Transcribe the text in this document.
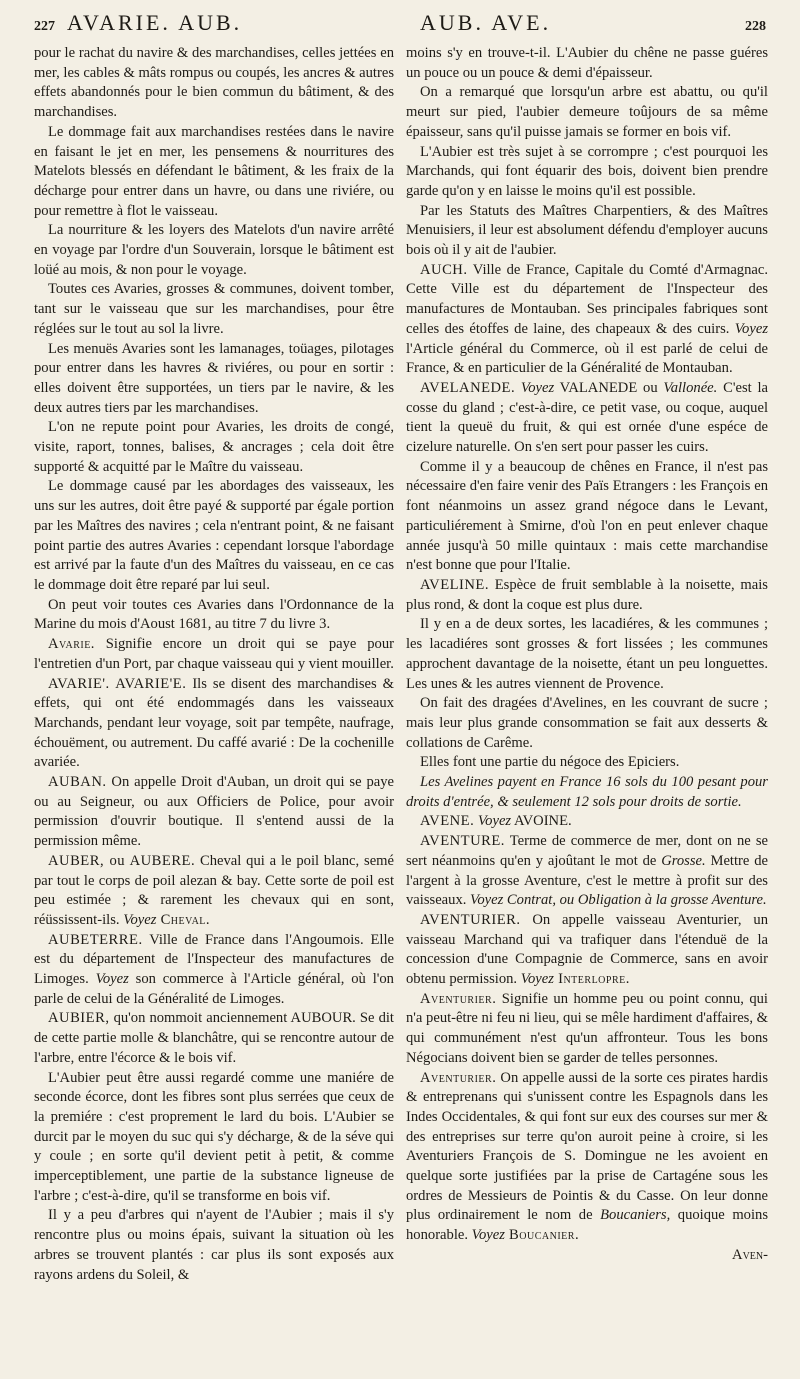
227 AVARIE. AUB.	AUB. AVE.	228

pour le rachat du navire & des marchandises, celles jettées en mer, les cables & mâts rompus ou coupés, les ancres & autres effets abandonnés pour le bien commun du bâtiment, & des marchandises.

Le dommage fait aux marchandises restées dans le navire en faisant le jet en mer, les pensemens & nourritures des Matelots blessés en défendant le bâtiment, & les fraix de la décharge pour entrer dans un havre, ou dans une riviére, ou pour remettre à flot le vaisseau.

La nourriture & les loyers des Matelots d'un navire arrêté en voyage par l'ordre d'un Souverain, lorsque le bâtiment est loüé au mois, & non pour le voyage.

Toutes ces Avaries, grosses & communes, doivent tomber, tant sur le vaisseau que sur les marchandises, pour être réglées sur le tout au sol la livre.

Les menuës Avaries sont les lamanages, toüages, pilotages pour entrer dans les havres & riviéres, ou pour en sortir : elles doivent être supportées, un tiers par le navire, & les deux autres tiers par les marchandises.

L'on ne repute point pour Avaries, les droits de congé, visite, raport, tonnes, balises, & ancrages ; cela doit être supporté & acquitté par le Maître du vaisseau.

Le dommage causé par les abordages des vaisseaux, les uns sur les autres, doit être payé & supporté par égale portion par les Maîtres des navires ; cela n'entrant point, & ne faisant point partie des autres Avaries : cependant lorsque l'abordage est arrivé par la faute d'un des Maîtres du vaisseau, en ce cas le dommage doit être reparé par lui seul.

On peut voir toutes ces Avaries dans l'Ordonnance de la Marine du mois d'Aoust 1681, au titre 7 du livre 3.

Avarie. Signifie encore un droit qui se paye pour l'entretien d'un Port, par chaque vaisseau qui y vient mouiller.

AVARIE'. AVARIE'E. Ils se disent des marchandises & effets, qui ont été endommagés dans les vaisseaux Marchands, pendant leur voyage, soit par tempête, naufrage, échouëment, ou autrement. Du caffé avarié : De la cochenille avariée.

AUBAN. On appelle Droit d'Auban, un droit qui se paye ou au Seigneur, ou aux Officiers de Police, pour avoir permission d'ouvrir boutique. Il s'entend aussi de la permission même.

AUBER, ou AUBERE. Cheval qui a le poil blanc, semé par tout le corps de poil alezan & bay. Cette sorte de poil est peu estimée ; & rarement les chevaux qui en sont, réüssissent-ils. Voyez Cheval.

AUBETERRE. Ville de France dans l'Angoumois. Elle est du département de l'Inspecteur des manufactures de Limoges. Voyez son commerce à l'Article général, où l'on parle de celui de la Généralité de Limoges.

AUBIER, qu'on nommoit anciennement AUBOUR. Se dit de cette partie molle & blanchâtre, qui se rencontre autour de l'arbre, entre l'écorce & le bois vif.

L'Aubier peut être aussi regardé comme une maniére de seconde écorce, dont les fibres sont plus serrées que ceux de la premiére : c'est proprement le lard du bois. L'Aubier se durcit par le moyen du suc qui s'y décharge, & de la séve qui y coule ; en sorte qu'il devient petit à petit, & comme imperceptiblement, une partie de la substance ligneuse de l'arbre ; c'est-à-dire, qu'il se transforme en bois vif.

Il y a peu d'arbres qui n'ayent de l'Aubier ; mais il s'y rencontre plus ou moins épais, suivant la situation où les arbres se trouvent plantés : car plus ils sont exposés aux rayons ardens du Soleil, &

moins s'y en trouve-t-il. L'Aubier du chêne ne passe guéres un pouce ou un pouce & demi d'épaisseur.

On a remarqué que lorsqu'un arbre est abattu, ou qu'il meurt sur pied, l'aubier demeure toûjours de sa même épaisseur, sans qu'il puisse jamais se former en bois vif.

L'Aubier est très sujet à se corrompre ; c'est pourquoi les Marchands, qui font équarir des bois, doivent bien prendre garde qu'on y en laisse le moins qu'il est possible.

Par les Statuts des Maîtres Charpentiers, & des Maîtres Menuisiers, il leur est absolument défendu d'employer aucuns bois où il y ait de l'aubier.

AUCH. Ville de France, Capitale du Comté d'Armagnac. Cette Ville est du département de l'Inspecteur des manufactures de Montauban. Ses principales fabriques sont celles des étoffes de laine, des chapeaux & des cuirs. Voyez l'Article général du Commerce, où il est parlé de celui de France, & en particulier de la Généralité de Montauban.

AVELANEDE. Voyez VALANEDE ou Vallonée. C'est la cosse du gland ; c'est-à-dire, ce petit vase, ou coque, auquel tient la queuë du fruit, & qui est ornée d'une espéce de cizelure naturelle. On s'en sert pour passer les cuirs.

Comme il y a beaucoup de chênes en France, il n'est pas nécessaire d'en faire venir des Païs Etrangers : les François en font néanmoins un assez grand négoce dans le Levant, particuliérement à Smirne, d'où l'on en peut enlever chaque année jusqu'à 50 mille quintaux : mais cette marchandise n'est bonne que pour l'Italie.

AVELINE. Espèce de fruit semblable à la noisette, mais plus rond, & dont la coque est plus dure.

Il y en a de deux sortes, les lacadiéres, & les communes ; les lacadiéres sont grosses & fort lissées ; les communes approchent davantage de la noisette, étant un peu longuettes. Les unes & les autres viennent de Provence.

On fait des dragées d'Avelines, en les couvrant de sucre ; mais leur plus grande consommation se fait aux desserts & collations de Carême.

Elles font une partie du négoce des Epiciers.

Les Avelines payent en France 16 sols du 100 pesant pour droits d'entrée, & seulement 12 sols pour droits de sortie.

AVENE. Voyez AVOINE.

AVENTURE. Terme de commerce de mer, dont on ne se sert néanmoins qu'en y ajoûtant le mot de Grosse. Mettre de l'argent à la grosse Aventure, c'est le mettre à profit sur des vaisseaux. Voyez Contrat, ou Obligation à la grosse Aventure.

AVENTURIER. On appelle vaisseau Aventurier, un vaisseau Marchand qui va trafiquer dans l'étenduë de la concession d'une Compagnie de Commerce, sans en avoir obtenu permission. Voyez Interlopre.

Aventurier. Signifie un homme peu ou point connu, qui n'a peut-être ni feu ni lieu, qui se mêle hardiment d'affaires, & qui communément n'est qu'un affronteur. Tous les bons Négocians doivent bien se garder de telles personnes.

Aventurier. On appelle aussi de la sorte ces pirates hardis & entreprenans qui s'unissent contre les Espagnols dans les Indes Occidentales, & qui font sur eux des courses sur mer & des entreprises sur terre qu'on auroit peine à croire, si les Aventuriers François de S. Domingue ne les avoient en quelque sorte justifiées par la prise de Cartagéne sous les ordres de Messieurs de Pointis & du Casse. On leur donne plus ordinairement le nom de Boucaniers, quoique moins honorable. Voyez Boucanier.

Aven-
